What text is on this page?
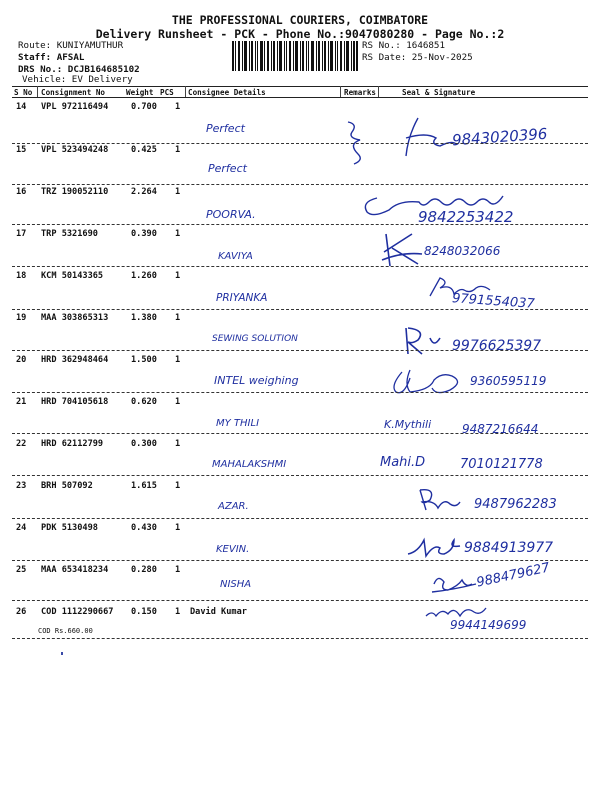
THE PROFESSIONAL COURIERS, COIMBATORE
Delivery Runsheet - PCK - Phone No.:9047080280 - Page No.:2
Route: KUNIYAMUTHUR
Staff: AFSAL
DRS No.: DCJB164685102
Vehicle: EV Delivery
RS No.: 1646851
RS Date: 25-Nov-2025
S No Consignment No	Weight PCS Consignee Details	Remarks	Seal & Signature
14 VPL 972116494	0.700 1
Perfect	9843020396
15 VPL 523494248	0.425 1
Perfect
16 TRZ 190052110	2.264 1
POORVA.	9842253422
17 TRP 5321690	0.390 1
KAVIYA	8248032066
18 KCM 50143365	1.260 1
PRIYANKA	9791554037
19 MAA 303865313	1.380 1
SEWING SOLUTION	9976625397
20 HRD 362948464	1.500 1
INTEL weighing	9360595119
21 HRD 704105618	0.620 1
MY THILI	K.Mythili	9487216644
22 HRD 62112799	0.300 1
MAHALAKSHMI	Mahi.D	7010121778
23 BRH 507092	1.615 1
AZAR.	9487962283
24 PDK 5130498	0.430 1
KEVIN.	9884913977
25 MAA 653418234	0.280 1
NISHA	988479627
26 COD 1112290667 0.150 1 David Kumar
9944149699
COD Rs.660.00
